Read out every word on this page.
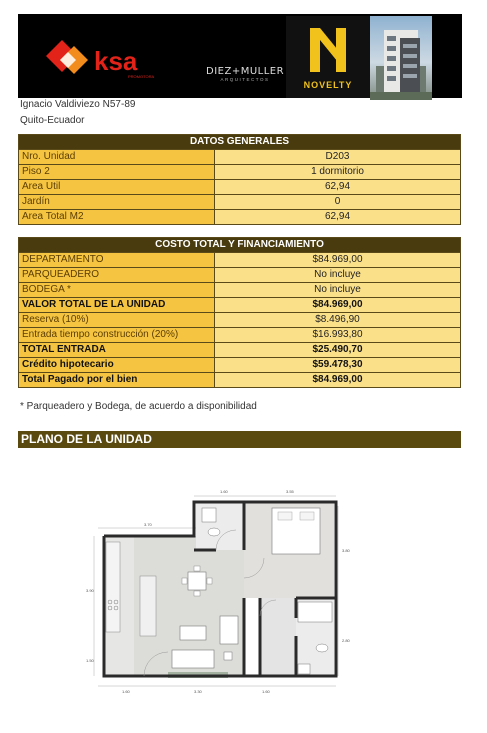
ksa
PROMOTORA	DIEZ+MULLER
ARQUITECTOS
NOVELTY
Ignacio Valdiviezo N57-89
Quito-Ecuador
DATOS GENERALES	
Nro. Unidad	D203
Piso 2	1 dormitorio
Area Util	62,94
Jardín	0
Area Total M2	62,94
COSTO TOTAL Y FINANCIAMIENTO	
DEPARTAMENTO	$84.969,00
PARQUEADERO	No incluye
BODEGA *	No incluye
VALOR TOTAL DE LA UNIDAD	$84.969,00
Reserva (10%)	$8.496,90
Entrada tiempo construcción (20%)	$16.993,80
TOTAL ENTRADA	$25.490,70
Crédito hipotecario	$59.478,30
Total Pagado por el bien	$84.969,00
* Parqueadero y Bodega, de acuerdo a disponibilidad
PLANO DE LA UNIDAD
1.60	3.55
3.70
3.80
3.90
2.80
1.50
1.60	3.30	1.60
